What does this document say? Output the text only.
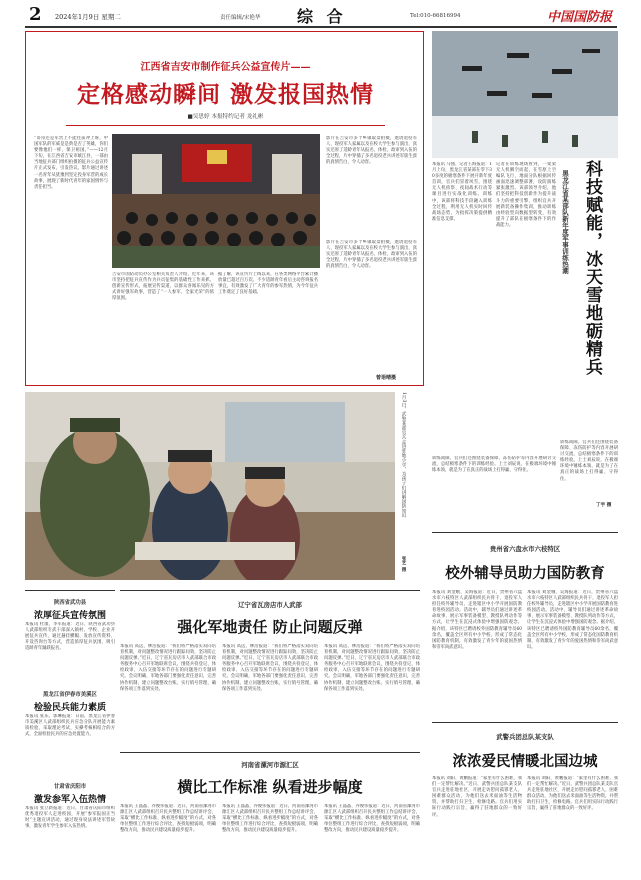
2 2024年1月9日 星期二	责任编辑/宋艳华 综 合	Tel:010-66816994	中国国防报
江西省吉安市制作征兵公益宣传片——
定格感动瞬间 激发报国热情
■吴思婷 本报特约记者 龙礼彬
“哥哥还是军营上不能往前冲上呀，中国军队的军威是是典是否了英雄，你们要像他们一样，保卫祖国。”——12月下旬，在江西省吉安市峡江县，一部由当地征兵部门组织拍摄的征兵公益宣传片正式发布，引发热议。影片通过讲述一名青年从犹豫到坚定投身军营的成长故事，展现了新时代青年的家国情怀与责任担当。
影片在吉安市多个乡镇取景拍摄，邀请退役军人、现役军人家属以及在校大学生参与演出，真实还原了适龄青年从报名、体检、政审到入伍的全过程，片中穿插了多名退役老兵讲述军旅生涯的真情告白，令人动容。
吉安市国防动员办公室相关负责人介绍，近年来，该市坚持把征兵宣传作为兵员征集的基础性工作来抓，创新宣传形式，拓展宣传渠道，以群众喜闻乐见的方式讲好强军故事，营造了“一人参军、全家光荣”的浓厚氛围。
据了解，该宣传片上线以来，在各类网络平台累计播放量已超过百万次，不少适龄青年看后主动咨询报名事宜，有效激发了广大青年的参军热情，为今年征兵工作奠定了良好基础。
影片在吉安市多个乡镇取景拍摄，邀请退役军人、现役军人家属以及在校大学生参与演出，真实还原了适龄青年从报名、体检、政审到入伍的全过程，片中穿插了多名退役老兵讲述军旅生涯的真情告白，令人动容。
曾语晴摄
1月3日，武警某部官兵走进驻地小学，为孩子们讲解国防知识
张艺 摄
本报讯 马强、记者王海报道：1月上旬，黑龙江省某部在零下30多度的极寒条件下展开新年度首训，官兵们冒着风雪，围绕无人机侦察、夜间战术行动等课目进行实战化训练。训练中，该部将科技手段融入训练全过程，利用无人机实时回传战场态势，为指挥决策提供精准信息支撑。
记者在训练现场看到，一架架无人机腾空而起，在雪原上空编队飞行，地面分队根据回传画面迅速调整部署，攻防演练紧张激烈。该部领导介绍，他们坚持把科技创新作为提升战斗力的重要引擎，组织官兵开展新装备操作集训，推动训练由经验型向数据型转变，有效提升了部队在极寒条件下的作战能力。	科技赋能，冰天雪地砺精兵
黑龙江省某部队新年度军事训练热潮
训练间隙，官兵们还围绕装备保障、冻伤防护等内容开展研讨交流，总结极寒条件下的训练经验。上士刘辰说，在极端环境中锤炼本领，就是为了在真正的战场上打得赢、守得住。
丁宇 摄
训练间隙，官兵们还围绕装备保障、冻伤防护等内容开展研讨交流，总结极寒条件下的训练经验。上士刘辰说，在极端环境中锤炼本领，就是为了在真正的战场上打得赢、守得住。
贵州省六盘水市六枝特区
校外辅导员助力国防教育
本报讯 刘金娥、吴海报道：近日，贵州省六盘水市六枝特区人武部组织民兵骨干、退役军人担任校外辅导员，走进辖区中小学开展国防教育进校园活动。活动中，辅导员们通过讲述革命故事、展示军事装备模型、教授队列动作等方式，让学生在沉浸式体验中增强国防观念。据介绍，该特区已聘请校外国防教育辅导员60余名，覆盖全区所有中小学校，形成了常态化国防教育机制，有效激发了青少年的爱国热情和崇军尚武意识。
本报讯 刘金娥、吴海报道：近日，贵州省六盘水市六枝特区人武部组织民兵骨干、退役军人担任校外辅导员，走进辖区中小学开展国防教育进校园活动。活动中，辅导员们通过讲述革命故事、展示军事装备模型、教授队列动作等方式，让学生在沉浸式体验中增强国防观念。据介绍，该特区已聘请校外国防教育辅导员60余名，覆盖全区所有中小学校，形成了常态化国防教育机制，有效激发了青少年的爱国热情和崇军尚武意识。
陕西省武功县
浓厚征兵宣传氛围
本报讯 杜康、李军报道：近日，陕西省武功县人武部组织专武干部深入镇村、学校、企业开展征兵宣传，通过悬挂横幅、发放宣传资料、开设咨询台等方式，营造浓厚征兵氛围，吸引适龄青年踊跃报名。
黑龙江省伊春市美溪区
检验民兵能力素质
本报讯 张乐、郭琳报道：日前，黑龙江省伊春市美溪区人武部组织民兵应急分队开展能力素质检验，采取理论考试、实操考核相结合的方式，全面检验民兵的应急处置能力。
甘肃省庆阳市
激发参军入伍热情
本报讯 张立新报道：近日，甘肃省庆阳市组织优秀退役军人走进校园，开展“参军报国正当时”主题宣讲活动，通过现身说法讲述军营故事，激发青年学生参军入伍热情。
辽宁省瓦房店市人武部
强化军地责任 防止问题反弹
本报讯 高远、林浩报道：“我们将严格落实双向培育机制，对问题整改情况进行跟踪问效，坚决防止问题反弹。”近日，辽宁省瓦房店市人武部联合市政务服务中心召开军地联席会议，围绕兵役登记、体检政审、入伍交接等环节存在的问题进行专题研究。会议明确，军地各部门要强化责任意识，完善协作机制，建立问题整改台账，实行销号管理，确保各项工作落到实处。
本报讯 高远、林浩报道：“我们将严格落实双向培育机制，对问题整改情况进行跟踪问效，坚决防止问题反弹。”近日，辽宁省瓦房店市人武部联合市政务服务中心召开军地联席会议，围绕兵役登记、体检政审、入伍交接等环节存在的问题进行专题研究。会议明确，军地各部门要强化责任意识，完善协作机制，建立问题整改台账，实行销号管理，确保各项工作落到实处。
本报讯 高远、林浩报道：“我们将严格落实双向培育机制，对问题整改情况进行跟踪问效，坚决防止问题反弹。”近日，辽宁省瓦房店市人武部联合市政务服务中心召开军地联席会议，围绕兵役登记、体检政审、入伍交接等环节存在的问题进行专题研究。会议明确，军地各部门要强化责任意识，完善协作机制，建立问题整改台账，实行销号管理，确保各项工作落到实处。
河南省漯河市源汇区
横比工作标准 纵看进步幅度
本报讯 王晶晶、乔俊伟报道：近日，河南省漯河市源汇区人武部组织召开民兵整组工作总结讲评会，采取“横比工作标准、纵看进步幅度”的方式，对各单位整组工作进行综合评比，查找短板弱项，明确整改方向，推动民兵建设质量稳步提升。
本报讯 王晶晶、乔俊伟报道：近日，河南省漯河市源汇区人武部组织召开民兵整组工作总结讲评会，采取“横比工作标准、纵看进步幅度”的方式，对各单位整组工作进行综合评比，查找短板弱项，明确整改方向，推动民兵建设质量稳步提升。
本报讯 王晶晶、乔俊伟报道：近日，河南省漯河市源汇区人武部组织召开民兵整组工作总结讲评会，采取“横比工作标准、纵看进步幅度”的方式，对各单位整组工作进行综合评比，查找短板弱项，明确整改方向，推动民兵建设质量稳步提升。
武警兵团总队某支队
浓浓爱民情暖北国边城
本报讯 刘阳、黄鹏报道：“家里有什么困难，我们一定帮忙解决。”近日，武警兵团总队某支队官兵走进驻地社区，开展走访慰问孤寡老人、困难群众活动，为他们送去米面油等生活物资，并帮助打扫卫生、检修电路。官兵们用实际行动践行宗旨，赢得了驻地群众的一致好评。
本报讯 刘阳、黄鹏报道：“家里有什么困难，我们一定帮忙解决。”近日，武警兵团总队某支队官兵走进驻地社区，开展走访慰问孤寡老人、困难群众活动，为他们送去米面油等生活物资，并帮助打扫卫生、检修电路。官兵们用实际行动践行宗旨，赢得了驻地群众的一致好评。
